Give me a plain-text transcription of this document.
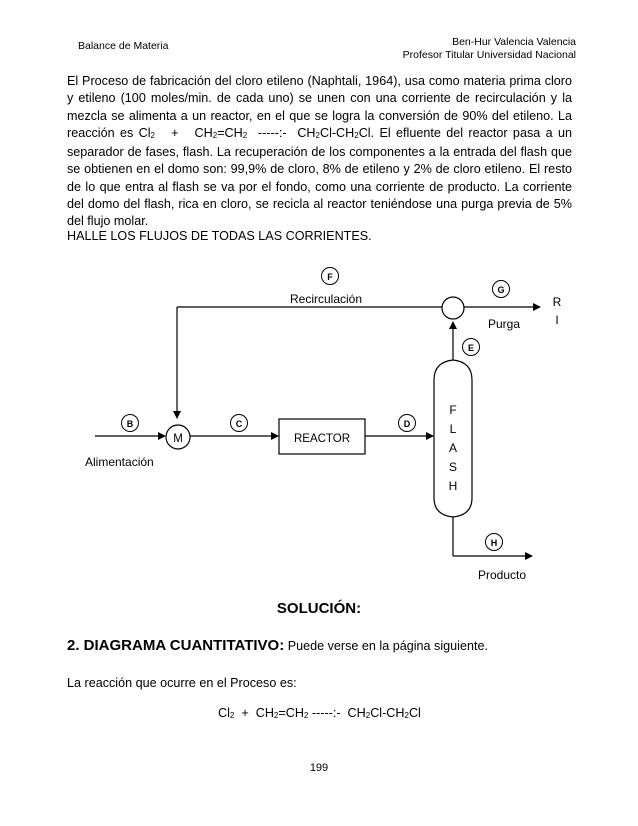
Balance de Materia	Ben-Hur Valencia Valencia
Profesor Titular Universidad Nacional
El Proceso de fabricación del cloro etileno (Naphtali, 1964), usa como materia prima cloro y etileno (100 moles/min. de cada uno) se unen con una corriente de recirculación y la mezcla se alimenta a un reactor, en el que se logra la conversión de 90% del etileno. La reacción es $Cl_2 + CH_2=CH_2$  -----:-  $CH_2Cl-CH_2Cl$. El efluente del reactor pasa a un separador de fases, flash. La recuperación de los componentes a la entrada del flash que se obtienen en el domo son: 99,9% de cloro, 8% de etileno y 2% de cloro etileno. El resto de lo que entra al flash se va por el fondo, como una corriente de producto. La corriente del domo del flash, rica en cloro, se recicla al reactor teniéndose una purga previa de 5% del flujo molar.
HALLE LOS FLUJOS DE TODAS LAS CORRIENTES.
M	REACTOR
F
L
A
S
H
F
G
E
B	C	D
H
Recirculación
Purga
R
I
Alimentación
Producto
SOLUCIÓN:
2. DIAGRAMA CUANTITATIVO: Puede verse en la página siguiente.
La reacción que ocurre en el Proceso es:
$Cl_2 + CH_2=CH_2$ -----:-  $CH_2Cl-CH_2Cl$
199
